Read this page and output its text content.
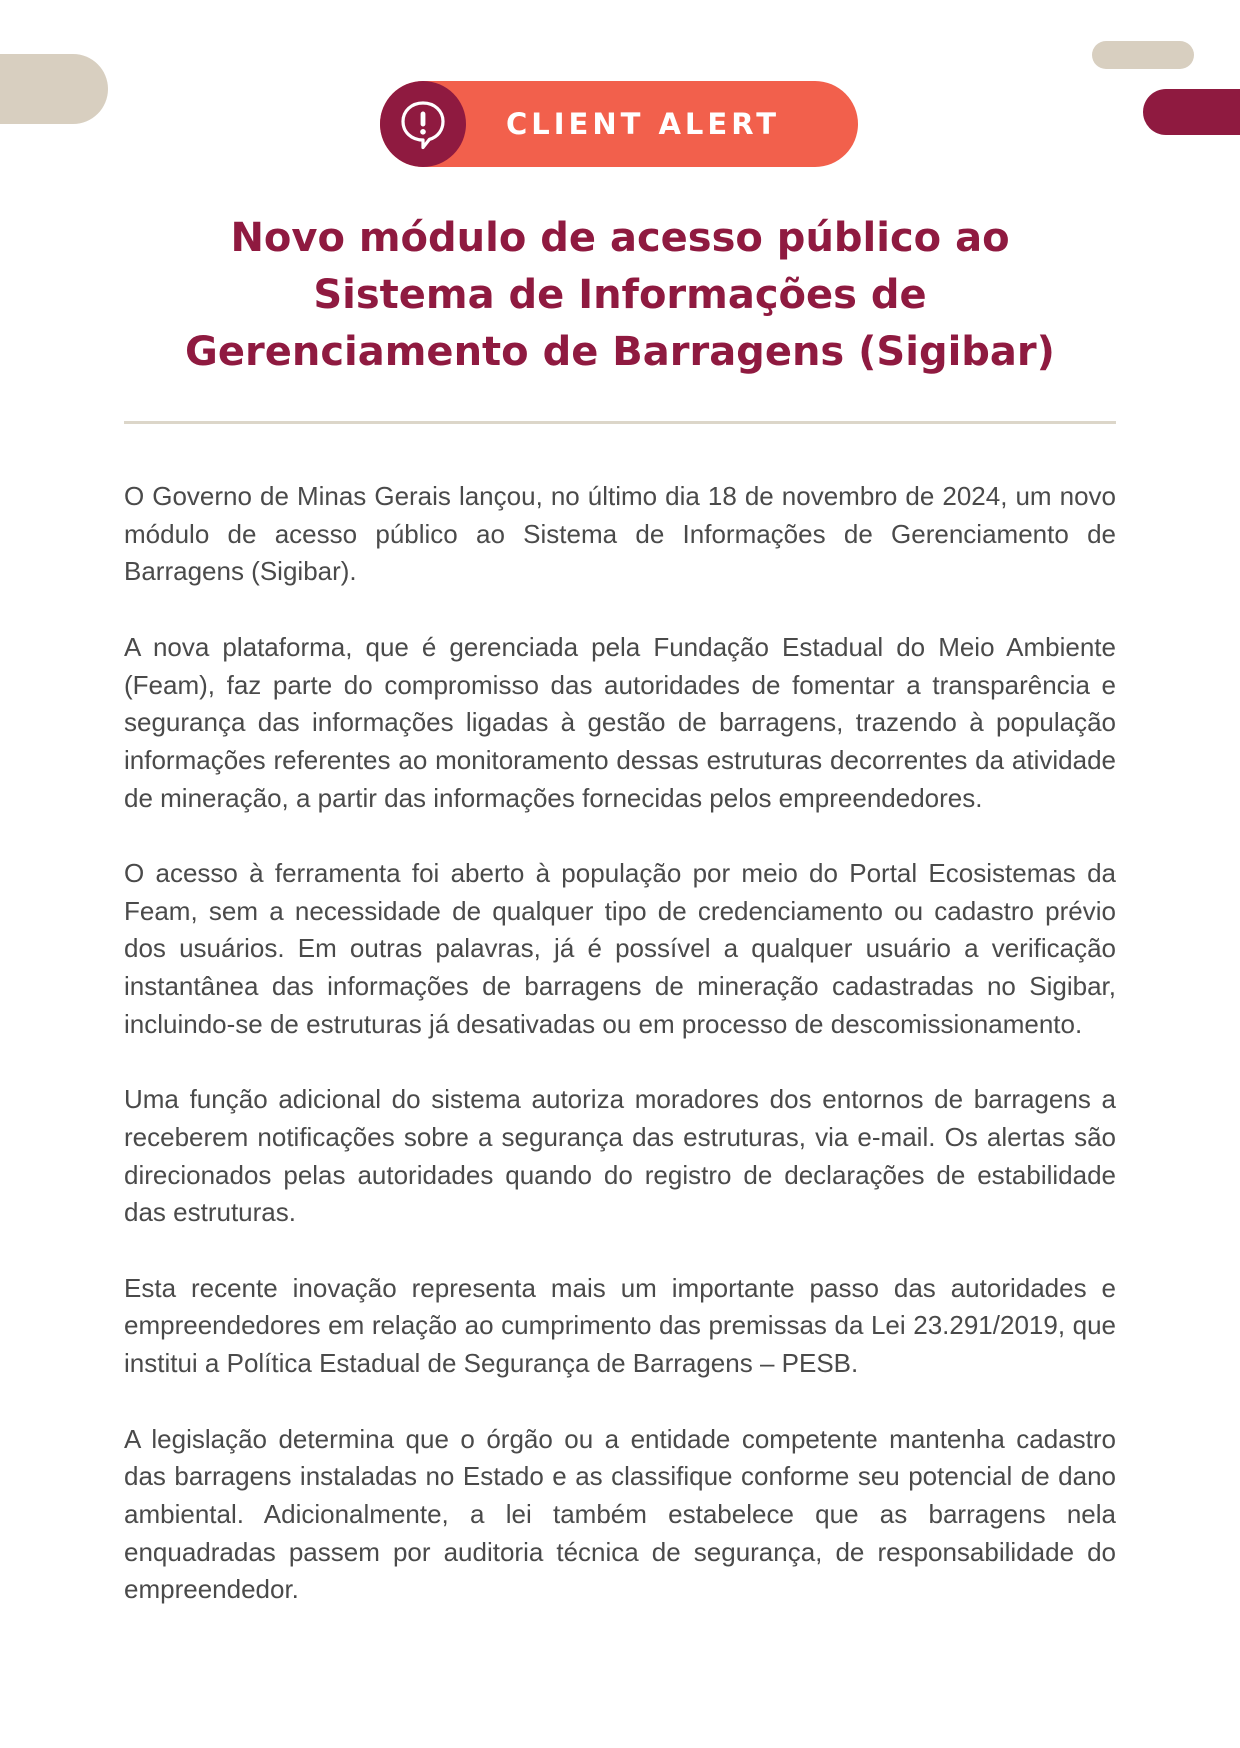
CLIENT ALERT
Novo módulo de acesso público ao
Sistema de Informações de
Gerenciamento de Barragens (Sigibar)

O Governo de Minas Gerais lançou, no último dia 18 de novembro de 2024, um novo módulo de acesso público ao Sistema de Informações de Gerenciamento de Barragens (Sigibar).

A nova plataforma, que é gerenciada pela Fundação Estadual do Meio Ambiente (Feam), faz parte do compromisso das autoridades de fomentar a transparência e segurança das informações ligadas à gestão de barragens, trazendo à população informações referentes ao monitoramento dessas estruturas decorrentes da atividade de mineração, a partir das informações fornecidas pelos empreendedores.

O acesso à ferramenta foi aberto à população por meio do Portal Ecosistemas da Feam, sem a necessidade de qualquer tipo de credenciamento ou cadastro prévio dos usuários. Em outras palavras, já é possível a qualquer usuário a verificação instantânea das informações de barragens de mineração cadastradas no Sigibar, incluindo-se de estruturas já desativadas ou em processo de descomissionamento.

Uma função adicional do sistema autoriza moradores dos entornos de barragens a receberem notificações sobre a segurança das estruturas, via e-mail. Os alertas são direcionados pelas autoridades quando do registro de declarações de estabilidade das estruturas.

Esta recente inovação representa mais um importante passo das autoridades e empreendedores em relação ao cumprimento das premissas da Lei 23.291/2019, que institui a Política Estadual de Segurança de Barragens – PESB.

A legislação determina que o órgão ou a entidade competente mantenha cadastro das barragens instaladas no Estado e as classifique conforme seu potencial de dano ambiental. Adicionalmente, a lei também estabelece que as barragens nela enquadradas passem por auditoria técnica de segurança, de responsabilidade do empreendedor.
